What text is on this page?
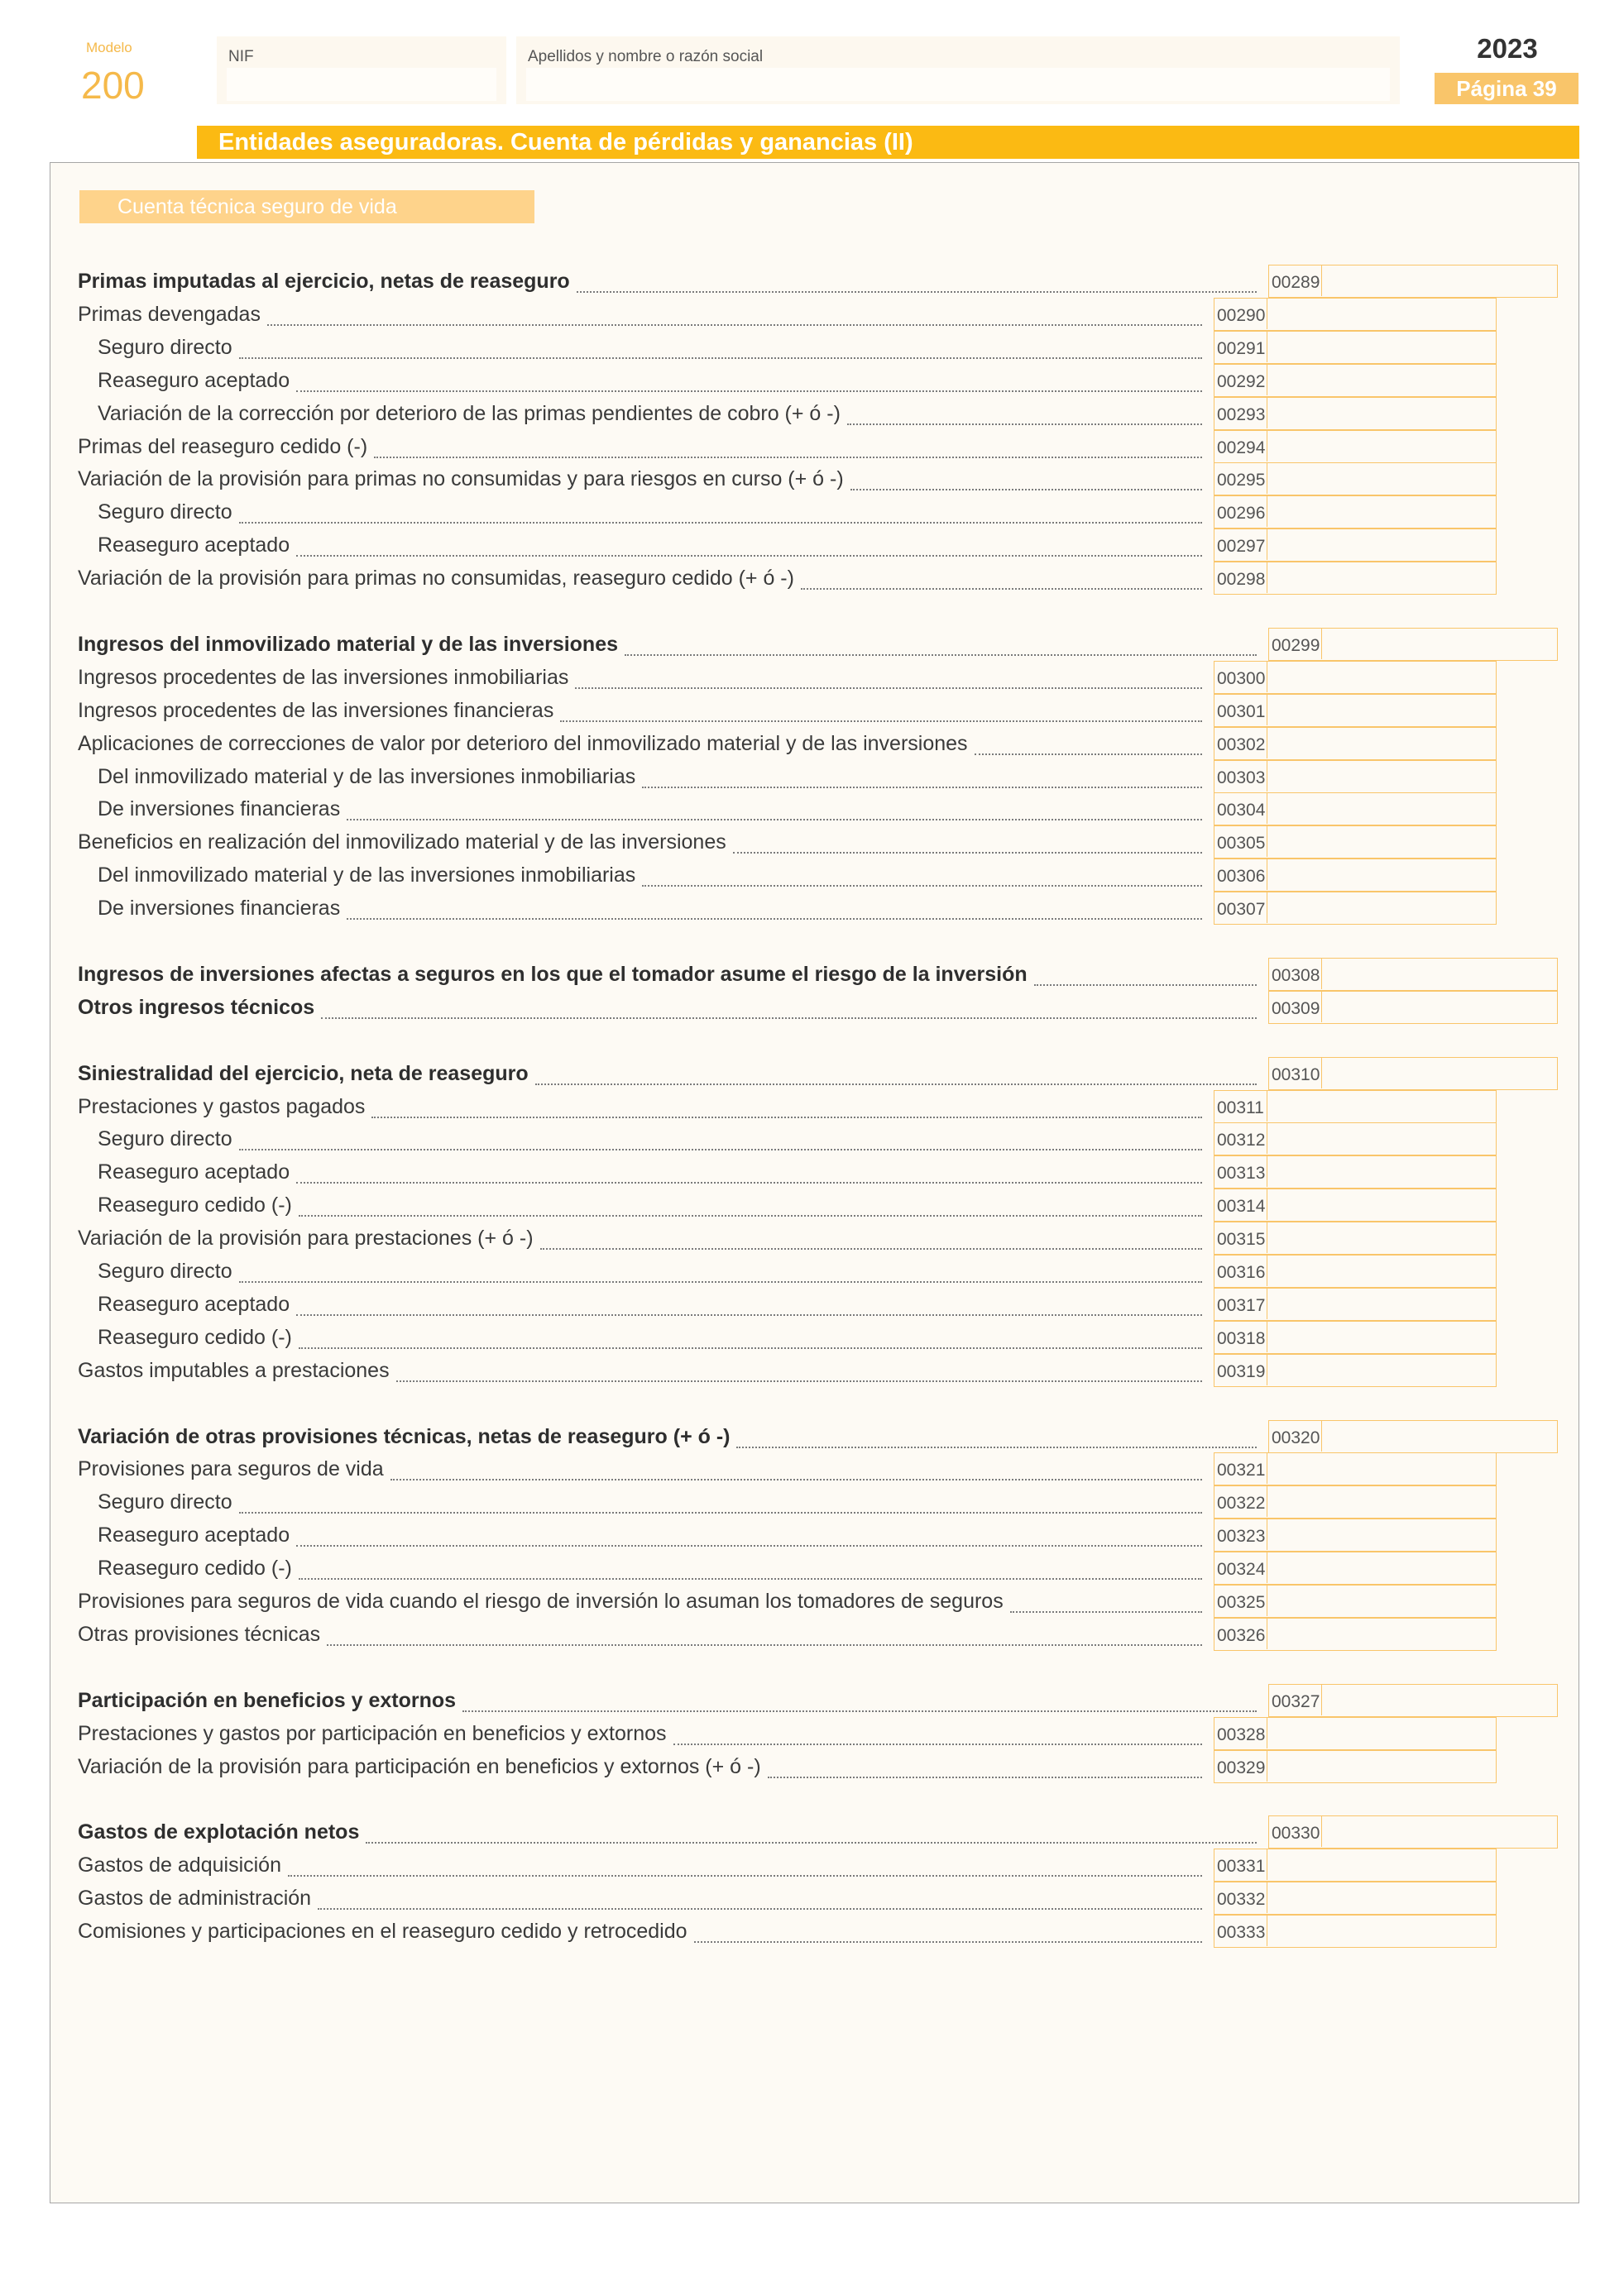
Modelo
200
NIF	Apellidos y nombre o razón social	2023
Página 39
Entidades aseguradoras. Cuenta de pérdidas y ganancias (II)
Cuenta técnica seguro de vida
Primas imputadas al ejercicio, netas de reaseguro	00289
Primas devengadas	00290
Seguro directo	00291
Reaseguro aceptado	00292
Variación de la corrección por deterioro de las primas pendientes de cobro (+ ó -)	00293
Primas del reaseguro cedido (-)	00294
Variación de la provisión para primas no consumidas y para riesgos en curso (+ ó -)	00295
Seguro directo	00296
Reaseguro aceptado	00297
Variación de la provisión para primas no consumidas, reaseguro cedido (+ ó -)	00298
Ingresos del inmovilizado material y de las inversiones	00299
Ingresos procedentes de las inversiones inmobiliarias	00300
Ingresos procedentes de las inversiones financieras	00301
Aplicaciones de correcciones de valor por deterioro del inmovilizado material y de las inversiones	00302
Del inmovilizado material y de las inversiones inmobiliarias	00303
De inversiones financieras	00304
Beneficios en realización del inmovilizado material y de las inversiones	00305
Del inmovilizado material y de las inversiones inmobiliarias	00306
De inversiones financieras	00307
Ingresos de inversiones afectas a seguros en los que el tomador asume el riesgo de la inversión	00308
Otros ingresos técnicos	00309
Siniestralidad del ejercicio, neta de reaseguro	00310
Prestaciones y gastos pagados	00311
Seguro directo	00312
Reaseguro aceptado	00313
Reaseguro cedido (-)	00314
Variación de la provisión para prestaciones (+ ó -)	00315
Seguro directo	00316
Reaseguro aceptado	00317
Reaseguro cedido (-)	00318
Gastos imputables a prestaciones	00319
Variación de otras provisiones técnicas, netas de reaseguro (+ ó -)	00320
Provisiones para seguros de vida	00321
Seguro directo	00322
Reaseguro aceptado	00323
Reaseguro cedido (-)	00324
Provisiones para seguros de vida cuando el riesgo de inversión lo asuman los tomadores de seguros	00325
Otras provisiones técnicas	00326
Participación en beneficios y extornos	00327
Prestaciones y gastos por participación en beneficios y extornos	00328
Variación de la provisión para participación en beneficios y extornos (+ ó -)	00329
Gastos de explotación netos	00330
Gastos de adquisición	00331
Gastos de administración	00332
Comisiones y participaciones en el reaseguro cedido y retrocedido	00333
